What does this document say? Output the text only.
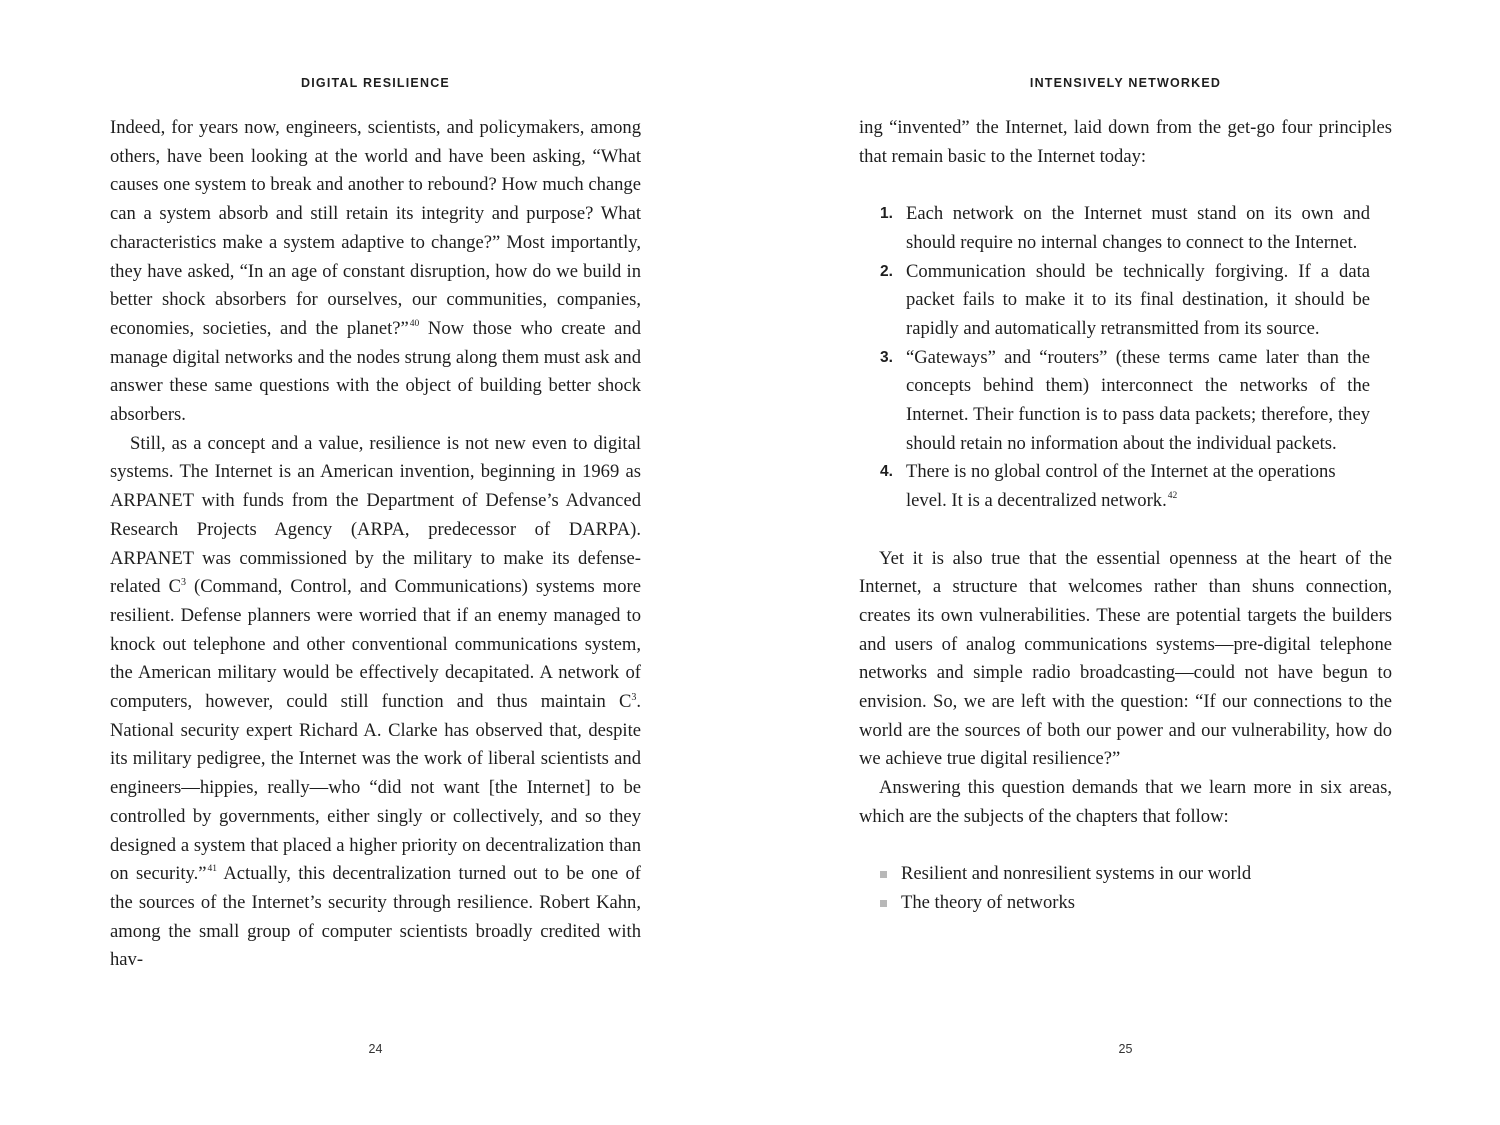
DIGITAL RESILIENCE

Indeed, for years now, engineers, scientists, and policymakers, among others, have been looking at the world and have been asking, “What causes one system to break and another to rebound? How much change can a system absorb and still retain its integrity and purpose? What characteristics make a system adaptive to change?” Most importantly, they have asked, “In an age of constant disruption, how do we build in better shock absorbers for ourselves, our communities, companies, economies, societies, and the planet?”$^{40}$ Now those who create and manage digital networks and the nodes strung along them must ask and answer these same questions with the object of building better shock absorbers.

Still, as a concept and a value, resilience is not new even to digital systems. The Internet is an American invention, beginning in 1969 as ARPANET with funds from the Department of Defense’s Advanced Research Projects Agency (ARPA, predecessor of DARPA). ARPANET was commissioned by the military to make its defense-related $C^3$ (Command, Control, and Communications) systems more resilient. Defense planners were worried that if an enemy managed to knock out telephone and other conventional communications system, the American military would be effectively decapitated. A network of computers, however, could still function and thus maintain $C^3$. National security expert Richard A. Clarke has observed that, despite its military pedigree, the Internet was the work of liberal scientists and engineers—hippies, really—who “did not want [the Internet] to be controlled by governments, either singly or collectively, and so they designed a system that placed a higher priority on decentralization than on security.”$^{41}$ Actually, this decentralization turned out to be one of the sources of the Internet’s security through resilience. Robert Kahn, among the small group of computer scientists broadly credited with hav-

24
INTENSIVELY NETWORKED

ing “invented” the Internet, laid down from the get-go four principles that remain basic to the Internet today:

1. Each network on the Internet must stand on its own and should require no internal changes to connect to the Internet.
2. Communication should be technically forgiving. If a data packet fails to make it to its final destination, it should be rapidly and automatically retransmitted from its source.
3. “Gateways” and “routers” (these terms came later than the concepts behind them) interconnect the networks of the Internet. Their function is to pass data packets; therefore, they should retain no information about the individual packets.
4. There is no global control of the Internet at the operations level. It is a decentralized network.$^{42}$

Yet it is also true that the essential openness at the heart of the Internet, a structure that welcomes rather than shuns connection, creates its own vulnerabilities. These are potential targets the builders and users of analog communications systems—pre-digital telephone networks and simple radio broadcasting—could not have begun to envision. So, we are left with the question: “If our connections to the world are the sources of both our power and our vulnerability, how do we achieve true digital resilience?”

Answering this question demands that we learn more in six areas, which are the subjects of the chapters that follow:

Resilient and nonresilient systems in our world
The theory of networks
25
